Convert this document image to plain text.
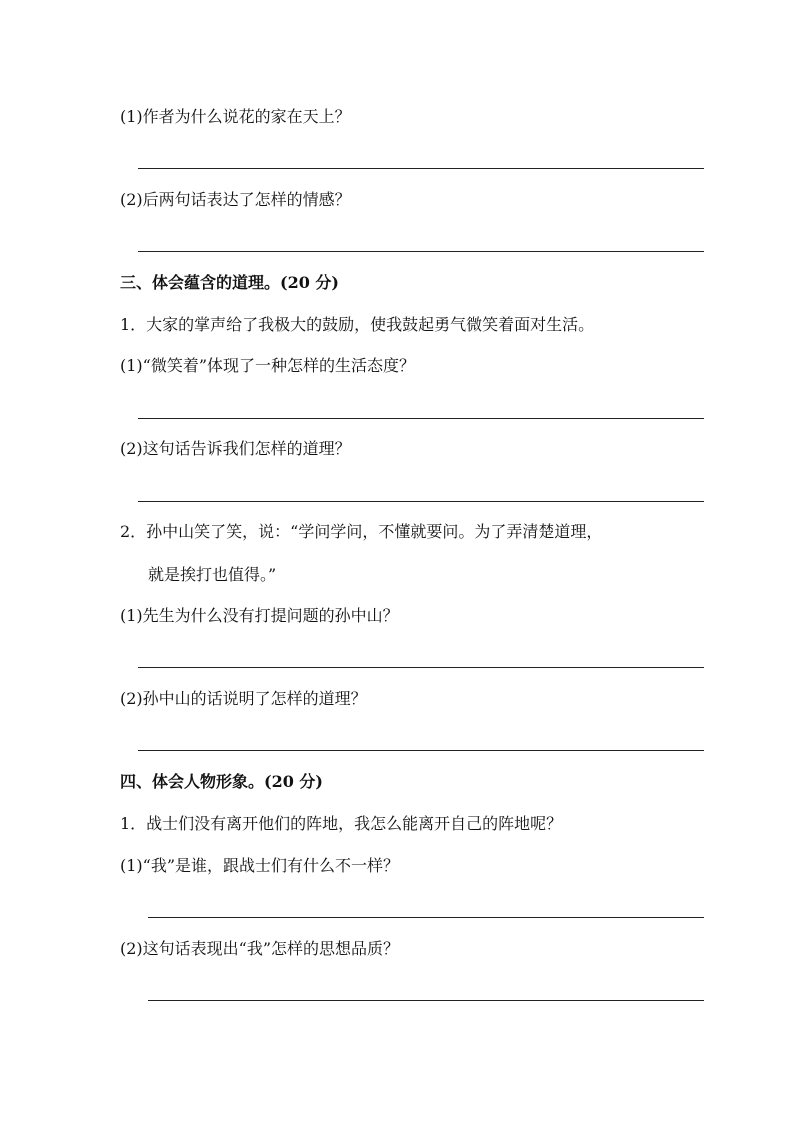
(1)作者为什么说花的家在天上？
(2)后两句话表达了怎样的情感？
三、体会蕴含的道理。(20 分)
1．大家的掌声给了我极大的鼓励，使我鼓起勇气微笑着面对生活。
(1)“微笑着”体现了一种怎样的生活态度？
(2)这句话告诉我们怎样的道理？
2．孙中山笑了笑，说：“学问学问，不懂就要问。为了弄清楚道理，
就是挨打也值得。”
(1)先生为什么没有打提问题的孙中山？
(2)孙中山的话说明了怎样的道理？
四、体会人物形象。(20 分)
1．战士们没有离开他们的阵地，我怎么能离开自己的阵地呢？
(1)“我”是谁，跟战士们有什么不一样？
(2)这句话表现出“我”怎样的思想品质？
